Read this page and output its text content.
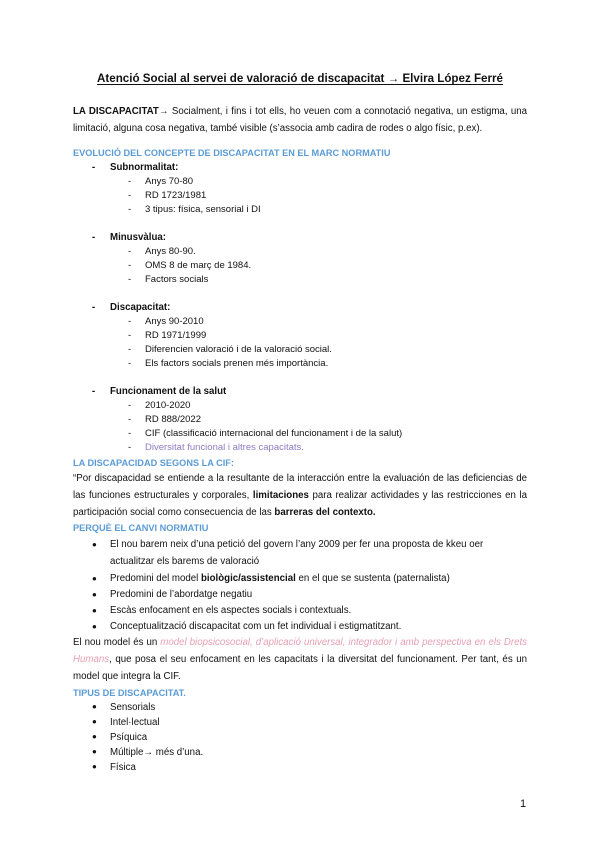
Atenció Social al servei de valoració de discapacitat → Elvira López Ferré
LA DISCAPACITAT→ Socialment, i fins i tot ells, ho veuen com a connotació negativa, un estigma, una limitació, alguna cosa negativa, també visible (s’associa amb cadira de rodes o algo físic, p.ex).
EVOLUCIÓ DEL CONCEPTE DE DISCAPACITAT EN EL MARC NORMATIU
- Subnormalitat:
- Anys 70-80
- RD 1723/1981
- 3 tipus: física, sensorial i DI
- Minusvàlua:
- Anys 80-90.
- OMS 8 de març de 1984.
- Factors socials
- Discapacitat:
- Anys 90-2010
- RD 1971/1999
- Diferencien valoració i de la valoració social.
- Els factors socials prenen més importància.
- Funcionament de la salut
- 2010-2020
- RD 888/2022
- CIF (classificació internacional del funcionament i de la salut)
- Diversitat funcional i altres capacitats.
LA DISCAPACIDAD SEGONS LA CIF:
“Por discapacidad se entiende a la resultante de la interacción entre la evaluación de las deficiencias de las funciones estructurales y corporales, limitaciones para realizar actividades y las restricciones en la participación social como consecuencia de las barreras del contexto.
PERQUÈ EL CANVI NORMATIU
● El nou barem neix d’una petició del govern l’any 2009 per fer una proposta de kkeu oer actualitzar els barems de valoració
● Predomini del model biològic/assistencial en el que se sustenta (paternalista)
● Predomini de l’abordatge negatiu
● Escàs enfocament en els aspectes socials i contextuals.
● Conceptualització discapacitat com un fet individual i estigmatitzant.
El nou model és un model biopsicosocial, d’aplicació universal, integrador i amb perspectiva en els Drets Humans, que posa el seu enfocament en les capacitats i la diversitat del funcionament. Per tant, és un model que integra la CIF.
TIPUS DE DISCAPACITAT.
● Sensorials
● Intel·lectual
● Psíquica
● Múltiple→ més d’una.
● Física
1
